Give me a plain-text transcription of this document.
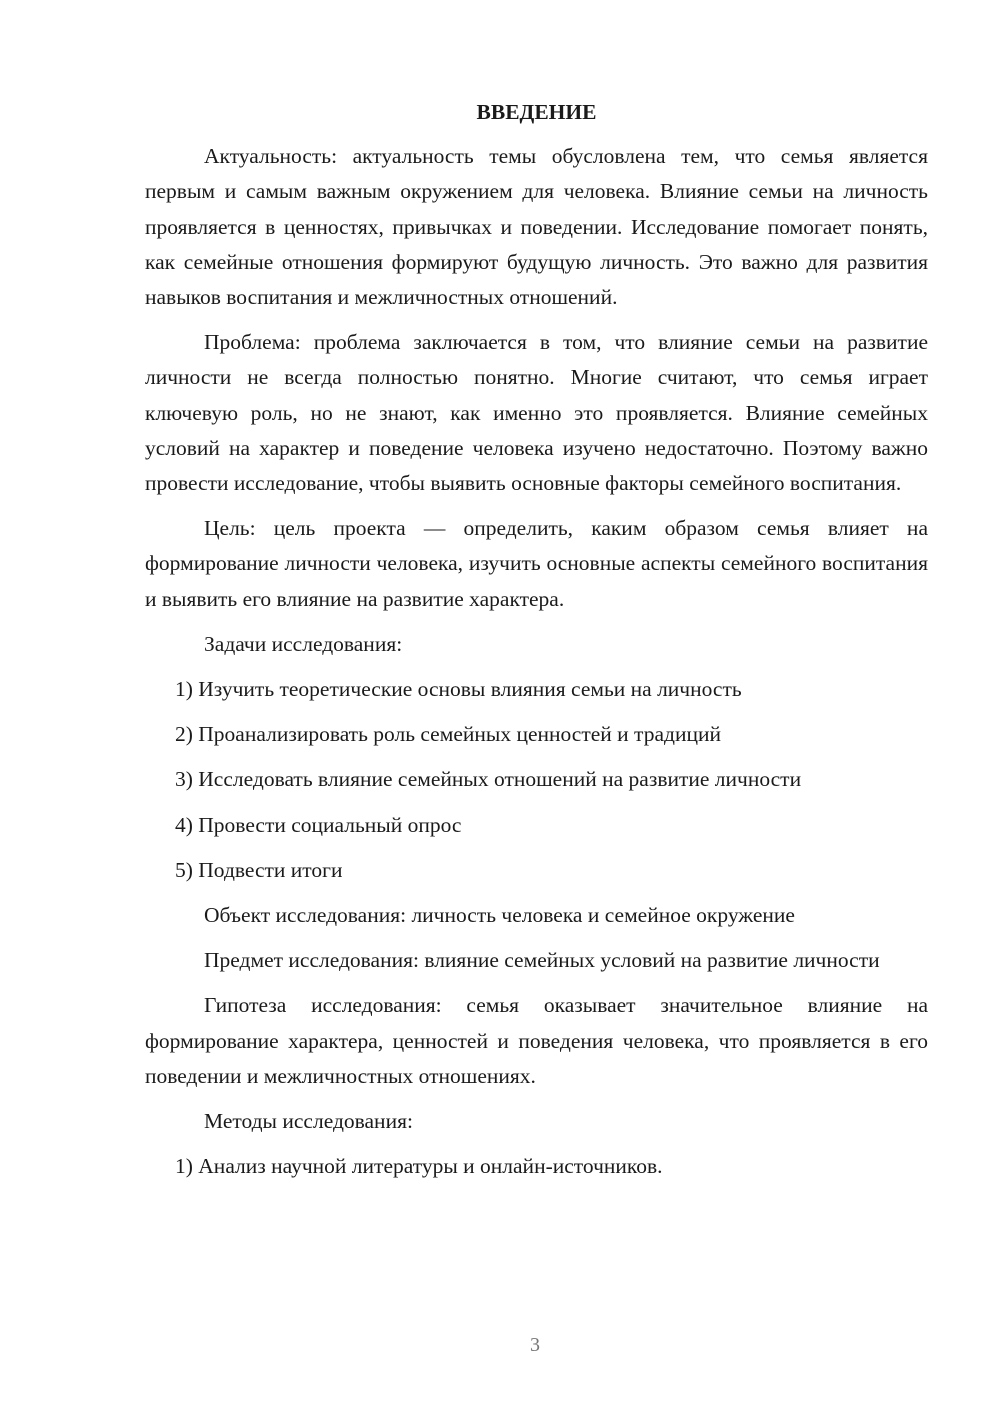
ВВЕДЕНИЕ

Актуальность: актуальность темы обусловлена тем, что семья является первым и самым важным окружением для человека. Влияние семьи на личность проявляется в ценностях, привычках и поведении. Исследование помогает понять, как семейные отношения формируют будущую личность. Это важно для развития навыков воспитания и межличностных отношений.

Проблема: проблема заключается в том, что влияние семьи на развитие личности не всегда полностью понятно. Многие считают, что семья играет ключевую роль, но не знают, как именно это проявляется. Влияние семейных условий на характер и поведение человека изучено недостаточно. Поэтому важно провести исследование, чтобы выявить основные факторы семейного воспитания.

Цель: цель проекта — определить, каким образом семья влияет на формирование личности человека, изучить основные аспекты семейного воспитания и выявить его влияние на развитие характера.

Задачи исследования:
1) Изучить теоретические основы влияния семьи на личность
2) Проанализировать роль семейных ценностей и традиций
3) Исследовать влияние семейных отношений на развитие личности
4) Провести социальный опрос
5) Подвести итоги
Объект исследования: личность человека и семейное окружение

Предмет исследования: влияние семейных условий на развитие личности

Гипотеза исследования: семья оказывает значительное влияние на формирование характера, ценностей и поведения человека, что проявляется в его поведении и межличностных отношениях.

Методы исследования:
1) Анализ научной литературы и онлайн-источников.
3
